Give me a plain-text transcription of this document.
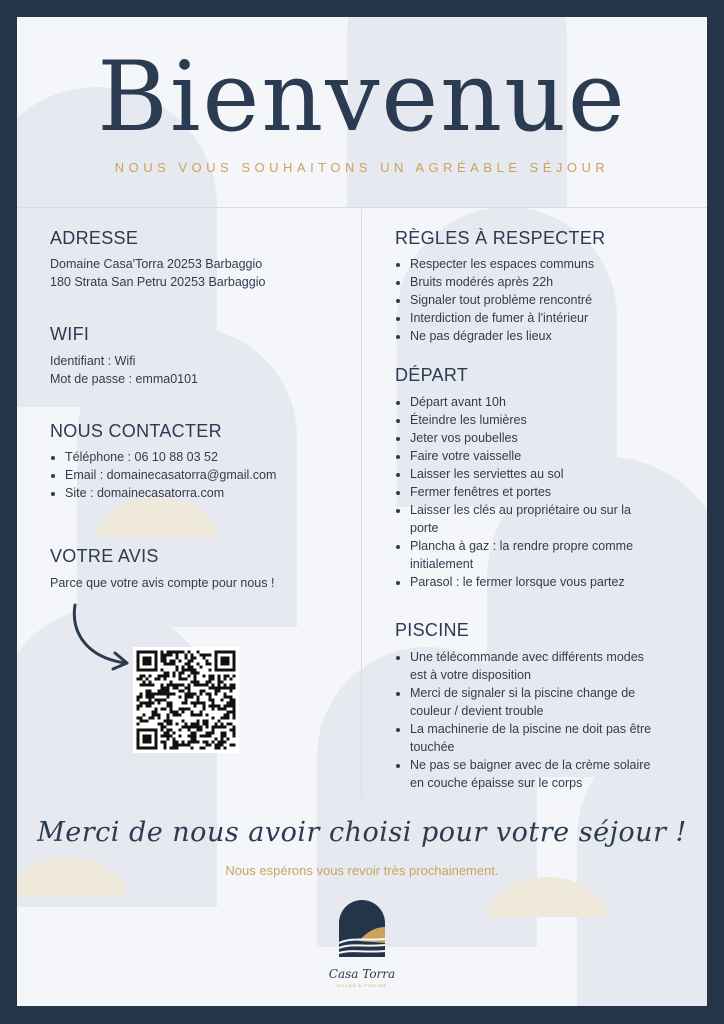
Bienvenue
NOUS VOUS SOUHAITONS UN AGRÉABLE SÉJOUR
ADRESSE
Domaine Casa'Torra 20253 Barbaggio
180 Strata San Petru 20253 Barbaggio
WIFI
Identifiant : Wifi
Mot de passe : emma0101
NOUS CONTACTER
• Téléphone : 06 10 88 03 52
• Email : domainecasatorra@gmail.com
• Site : domainecasatorra.com
VOTRE AVIS
Parce que votre avis compte pour nous !
RÈGLES À RESPECTER
• Respecter les espaces communs
• Bruits modérés après 22h
• Signaler tout problème rencontré
• Interdiction de fumer à l'intérieur
• Ne pas dégrader les lieux
DÉPART
• Départ avant 10h
• Éteindre les lumières
• Jeter vos poubelles
• Faire votre vaisselle
• Laisser les serviettes au sol
• Fermer fenêtres et portes
• Laisser les clés au propriétaire ou sur la porte
• Plancha à gaz : la rendre propre comme initialement
• Parasol : le fermer lorsque vous partez
PISCINE
• Une télécommande avec différents modes est à votre disposition
• Merci de signaler si la piscine change de couleur / devient trouble
• La machinerie de la piscine ne doit pas être touchée
• Ne pas se baigner avec de la crème solaire en couche épaisse sur le corps
Merci de nous avoir choisi pour votre séjour !
Nous espérons vous revoir très prochainement.
Casa Torra
VILLAS & PISCINE
